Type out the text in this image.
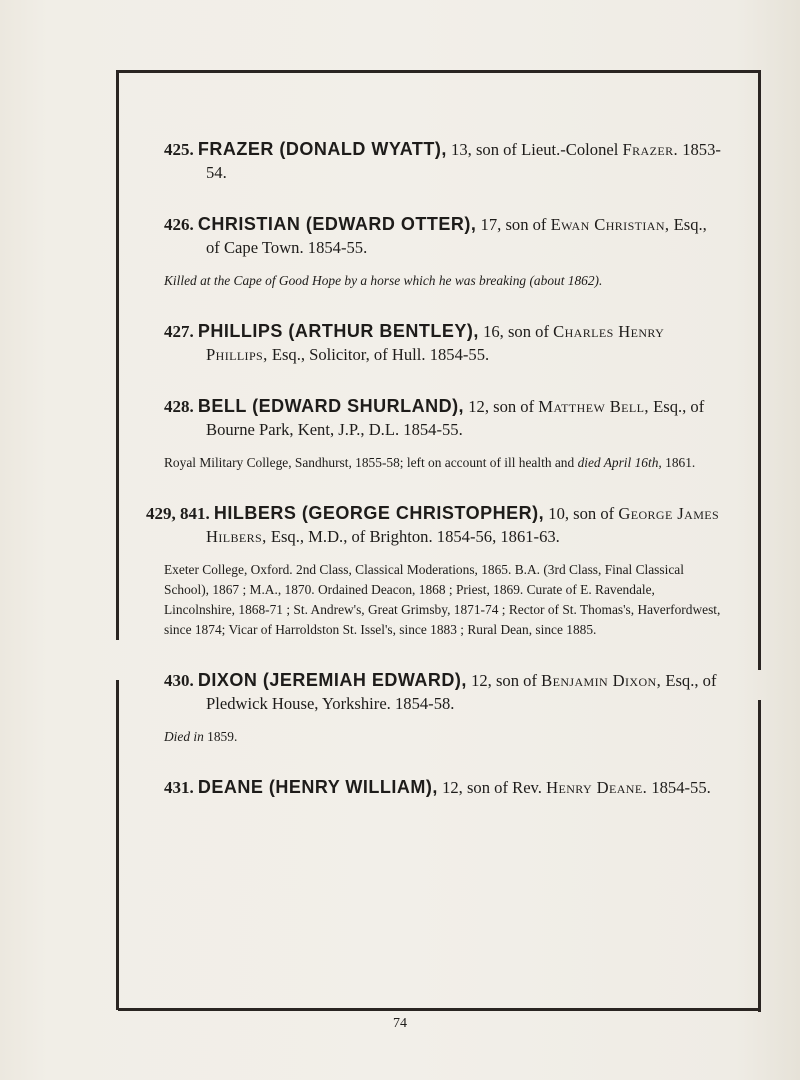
425. FRAZER (DONALD WYATT), 13, son of Lieut.-Colonel Frazer. 1853-54.

426. CHRISTIAN (EDWARD OTTER), 17, son of Ewan Christian, Esq., of Cape Town. 1854-55.

Killed at the Cape of Good Hope by a horse which he was breaking (about 1862).

427. PHILLIPS (ARTHUR BENTLEY), 16, son of Charles Henry Phillips, Esq., Solicitor, of Hull. 1854-55.

428. BELL (EDWARD SHURLAND), 12, son of Matthew Bell, Esq., of Bourne Park, Kent, J.P., D.L. 1854-55.

Royal Military College, Sandhurst, 1855-58; left on account of ill health and died April 16th, 1861.

429, 841. HILBERS (GEORGE CHRISTOPHER), 10, son of George James Hilbers, Esq., M.D., of Brighton. 1854-56, 1861-63.

Exeter College, Oxford. 2nd Class, Classical Moderations, 1865. B.A. (3rd Class, Final Classical School), 1867 ; M.A., 1870. Ordained Deacon, 1868 ; Priest, 1869. Curate of E. Ravendale, Lincolnshire, 1868-71 ; St. Andrew's, Great Grimsby, 1871-74 ; Rector of St. Thomas's, Haverfordwest, since 1874; Vicar of Harroldston St. Issel's, since 1883 ; Rural Dean, since 1885.

430. DIXON (JEREMIAH EDWARD), 12, son of Benjamin Dixon, Esq., of Pledwick House, Yorkshire. 1854-58.

Died in 1859.

431. DEANE (HENRY WILLIAM), 12, son of Rev. Henry Deane. 1854-55.

74
